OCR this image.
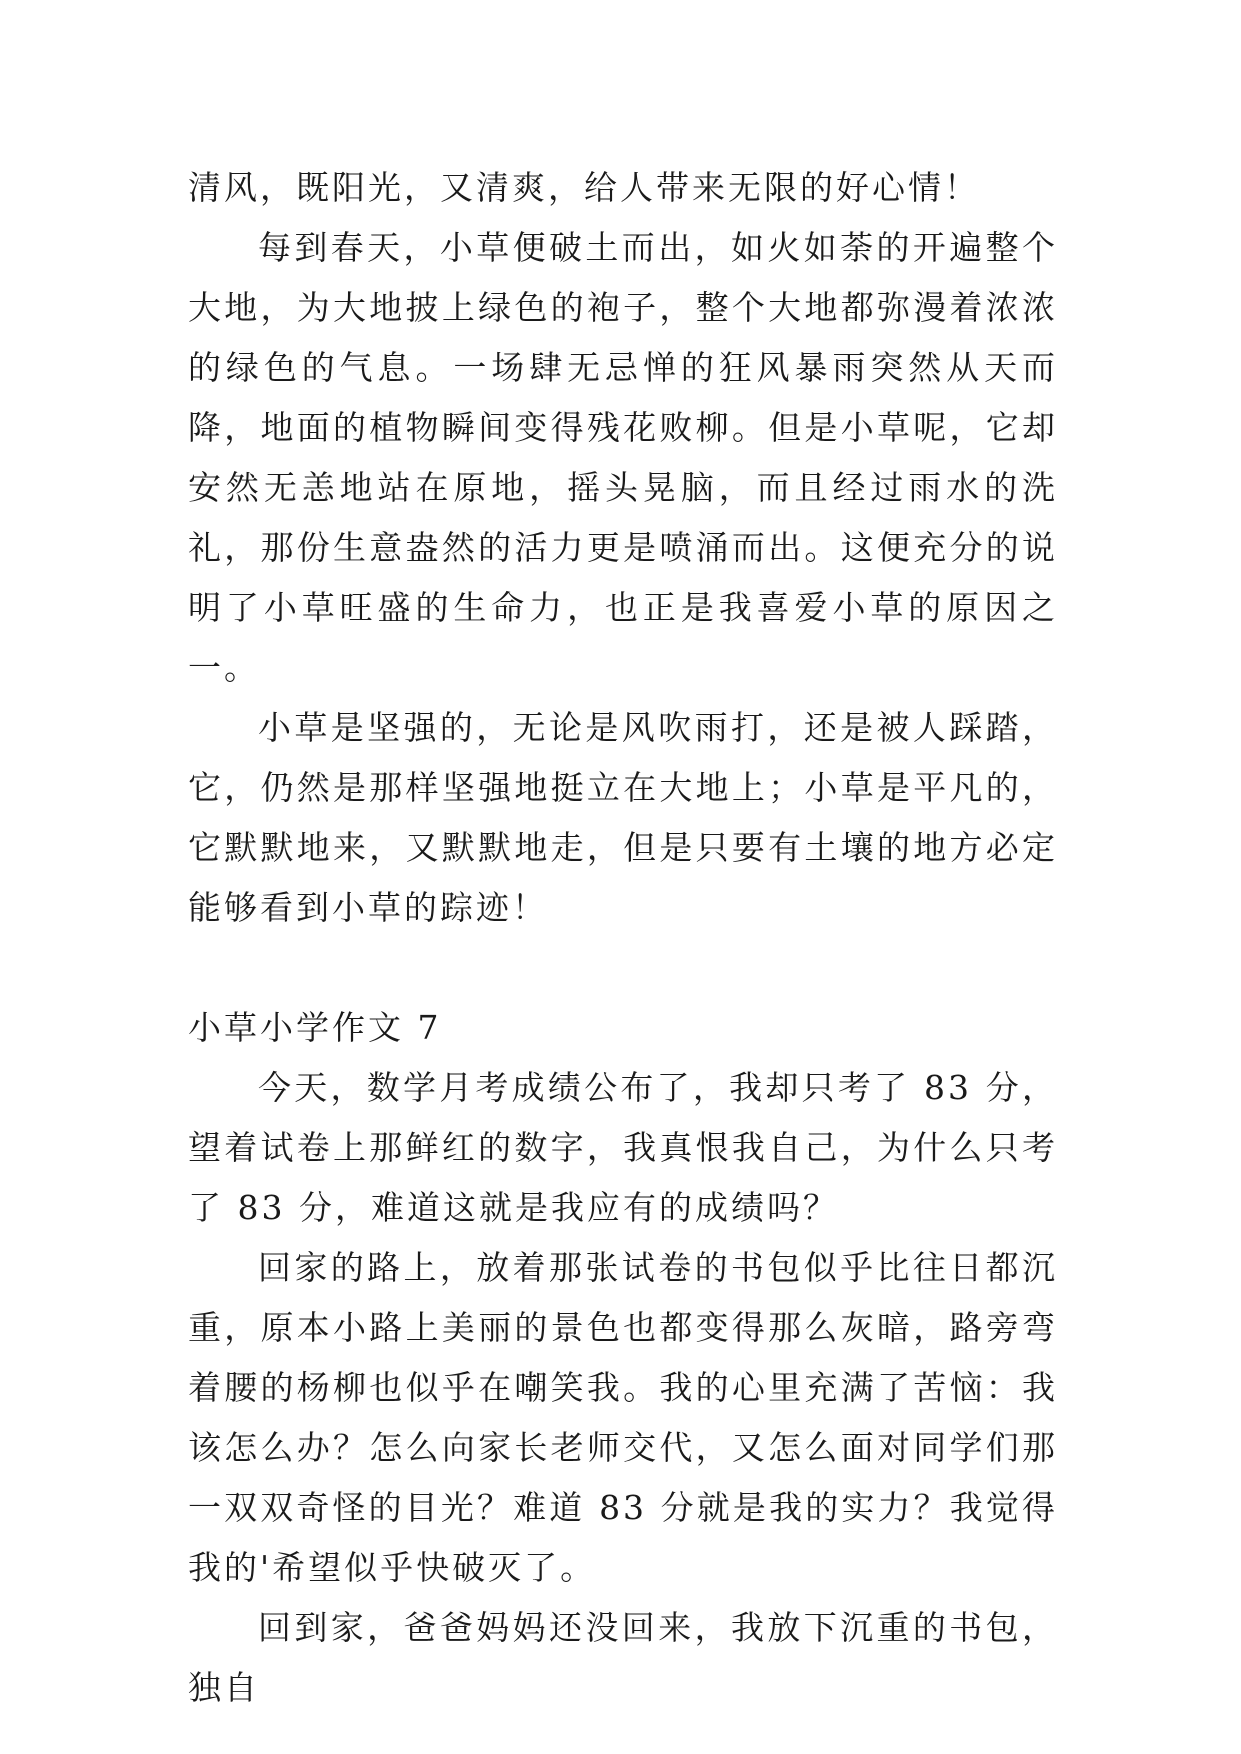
清风，既阳光，又清爽，给人带来无限的好心情！

每到春天，小草便破土而出，如火如荼的开遍整个大地，为大地披上绿色的袍子，整个大地都弥漫着浓浓的绿色的气息。一场肆无忌惮的狂风暴雨突然从天而降，地面的植物瞬间变得残花败柳。但是小草呢，它却安然无恙地站在原地，摇头晃脑，而且经过雨水的洗礼，那份生意盎然的活力更是喷涌而出。这便充分的说明了小草旺盛的生命力，也正是我喜爱小草的原因之一。

小草是坚强的，无论是风吹雨打，还是被人踩踏，它，仍然是那样坚强地挺立在大地上；小草是平凡的，它默默地来，又默默地走，但是只要有土壤的地方必定能够看到小草的踪迹！

小草小学作文 7

今天，数学月考成绩公布了，我却只考了 83 分，望着试卷上那鲜红的数字，我真恨我自己，为什么只考了 83 分，难道这就是我应有的成绩吗？

回家的路上，放着那张试卷的书包似乎比往日都沉重，原本小路上美丽的景色也都变得那么灰暗，路旁弯着腰的杨柳也似乎在嘲笑我。我的心里充满了苦恼：我该怎么办？怎么向家长老师交代，又怎么面对同学们那一双双奇怪的目光？难道 83 分就是我的实力？我觉得我的'希望似乎快破灭了。

回到家，爸爸妈妈还没回来，我放下沉重的书包，独自
